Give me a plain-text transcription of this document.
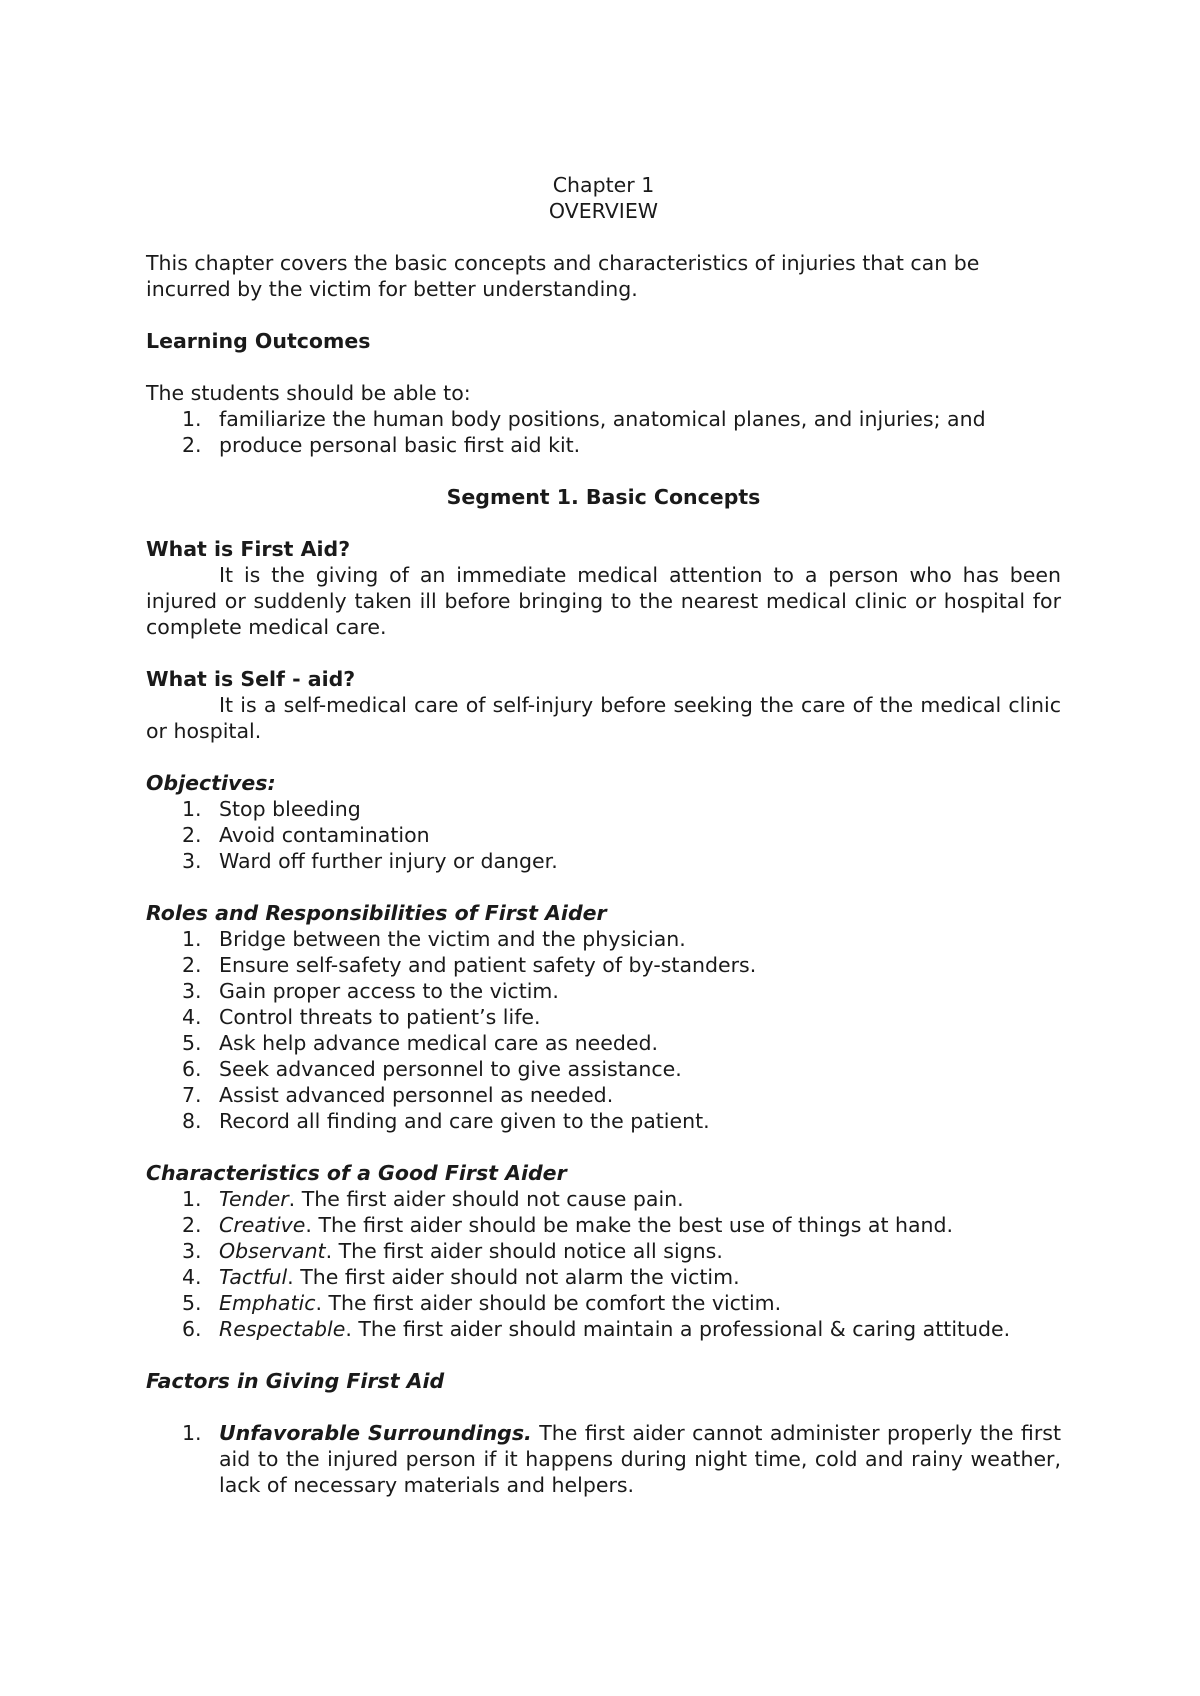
Chapter 1

OVERVIEW

This chapter covers the basic concepts and characteristics of injuries that can be incurred by the victim for better understanding.

Learning Outcomes

The students should be able to:

1. familiarize the human body positions, anatomical planes, and injuries; and
2. produce personal basic first aid kit.

Segment 1. Basic Concepts

What is First Aid?

It is the giving of an immediate medical attention to a person who has been injured or suddenly taken ill before bringing to the nearest medical clinic or hospital for complete medical care.

What is Self - aid?

It is a self-medical care of self-injury before seeking the care of the medical clinic or hospital.

Objectives:

1. Stop bleeding
2. Avoid contamination
3. Ward off further injury or danger.

Roles and Responsibilities of First Aider

1. Bridge between the victim and the physician.
2. Ensure self-safety and patient safety of by-standers.
3. Gain proper access to the victim.
4. Control threats to patient’s life.
5. Ask help advance medical care as needed.
6. Seek advanced personnel to give assistance.
7. Assist advanced personnel as needed.
8. Record all finding and care given to the patient.

Characteristics of a Good First Aider

1. Tender. The first aider should not cause pain.
2. Creative. The first aider should be make the best use of things at hand.
3. Observant. The first aider should notice all signs.
4. Tactful. The first aider should not alarm the victim.
5. Emphatic. The first aider should be comfort the victim.
6. Respectable. The first aider should maintain a professional & caring attitude.

Factors in Giving First Aid

1. Unfavorable Surroundings. The first aider cannot administer properly the first aid to the injured person if it happens during night time, cold and rainy weather, lack of necessary materials and helpers.
